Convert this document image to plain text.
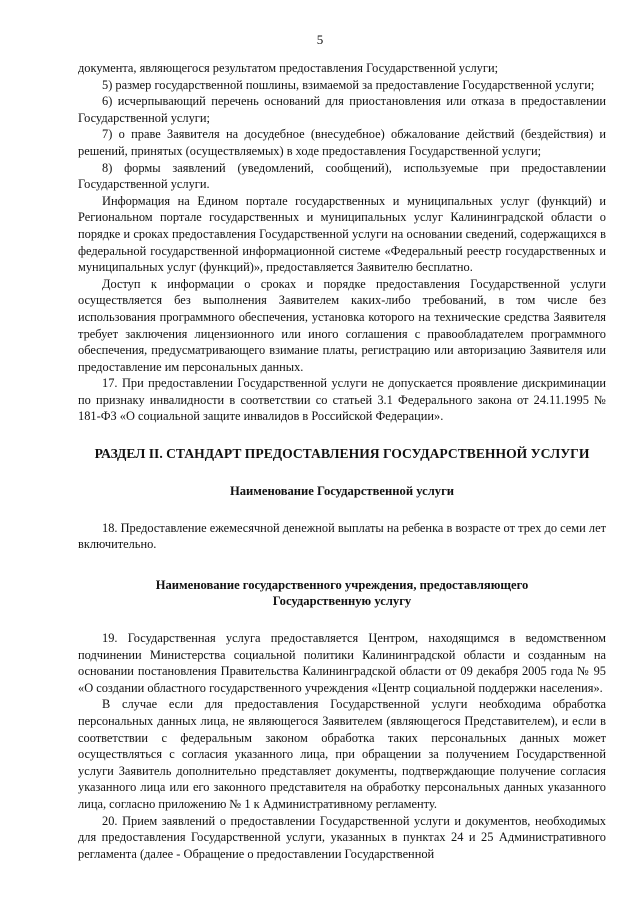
5

документа, являющегося результатом предоставления Государственной услуги;

5) размер государственной пошлины, взимаемой за предоставление Государственной услуги;

6) исчерпывающий перечень оснований для приостановления или отказа в предоставлении Государственной услуги;

7) о праве Заявителя на досудебное (внесудебное) обжалование действий (бездействия) и решений, принятых (осуществляемых) в ходе предоставления Государственной услуги;

8) формы заявлений (уведомлений, сообщений), используемые при предоставлении Государственной услуги.

Информация на Едином портале государственных и муниципальных услуг (функций) и Региональном портале государственных и муниципальных услуг Калининградской области о порядке и сроках предоставления Государственной услуги на основании сведений, содержащихся в федеральной государственной информационной системе «Федеральный реестр государственных и муниципальных услуг (функций)», предоставляется Заявителю бесплатно.

Доступ к информации о сроках и порядке предоставления Государственной услуги осуществляется без выполнения Заявителем каких-либо требований, в том числе без использования программного обеспечения, установка которого на технические средства Заявителя требует заключения лицензионного или иного соглашения с правообладателем программного обеспечения, предусматривающего взимание платы, регистрацию или авторизацию Заявителя или предоставление им персональных данных.

17. При предоставлении Государственной услуги не допускается проявление дискриминации по признаку инвалидности в соответствии со статьей 3.1 Федерального закона от 24.11.1995 № 181-ФЗ «О социальной защите инвалидов в Российской Федерации».

РАЗДЕЛ II. СТАНДАРТ ПРЕДОСТАВЛЕНИЯ ГОСУДАРСТВЕННОЙ УСЛУГИ
Наименование Государственной услуги

18. Предоставление ежемесячной денежной выплаты на ребенка в возрасте от трех до семи лет включительно.

Наименование государственного учреждения, предоставляющего
Государственную услугу

19. Государственная услуга предоставляется Центром, находящимся в ведомственном подчинении Министерства социальной политики Калининградской области и созданным на основании постановления Правительства Калининградской области от 09 декабря 2005 года № 95 «О создании областного государственного учреждения «Центр социальной поддержки населения».

В случае если для предоставления Государственной услуги необходима обработка персональных данных лица, не являющегося Заявителем (являющегося Представителем), и если в соответствии с федеральным законом обработка таких персональных данных может осуществляться с согласия указанного лица, при обращении за получением Государственной услуги Заявитель дополнительно представляет документы, подтверждающие получение согласия указанного лица или его законного представителя на обработку персональных данных указанного лица, согласно приложению № 1 к Административному регламенту.

20. Прием заявлений о предоставлении Государственной услуги и документов, необходимых для предоставления Государственной услуги, указанных в пунктах 24 и 25 Административного регламента (далее - Обращение о предоставлении Государственной
